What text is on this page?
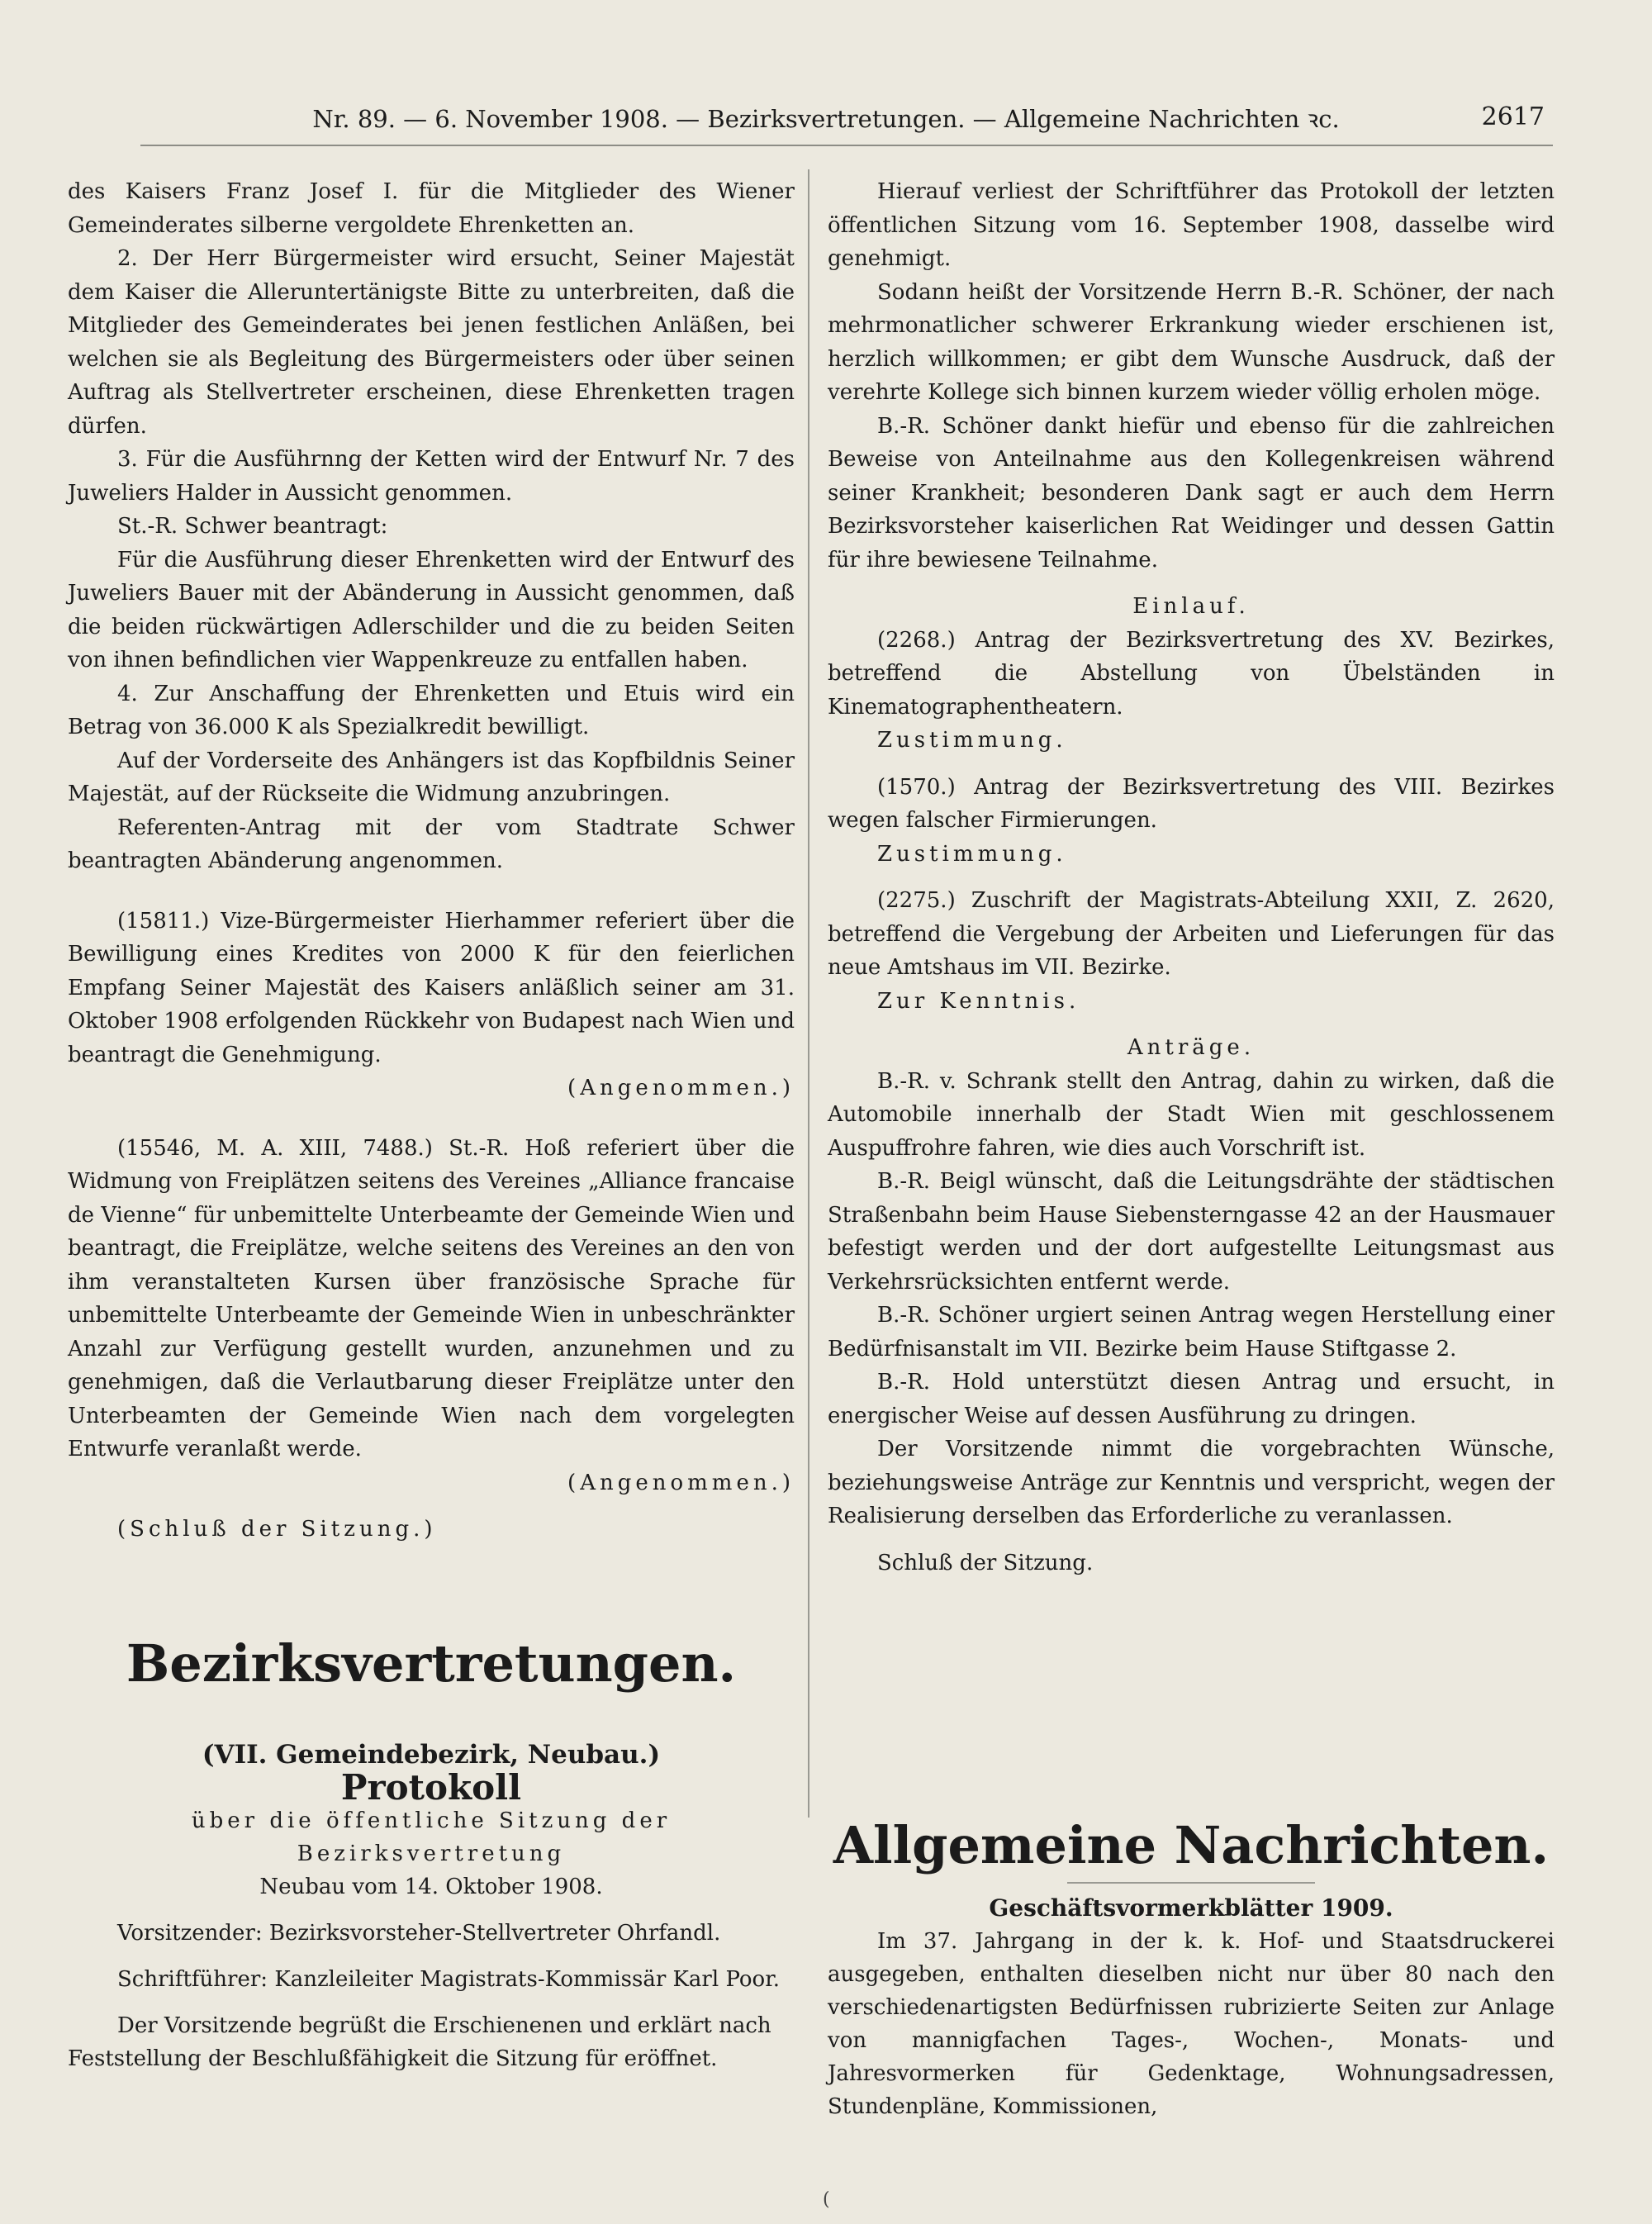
Nr. 89. — 6. November 1908. — Bezirksvertretungen. — Allgemeine Nachrichten ꝛc.	2617

des Kaisers Franz Josef I. für die Mitglieder des Wiener Gemeinderates silberne vergoldete Ehrenketten an.

2. Der Herr Bürgermeister wird ersucht, Seiner Majestät dem Kaiser die Alleruntertänigste Bitte zu unterbreiten, daß die Mitglieder des Gemeinderates bei jenen festlichen Anläßen, bei welchen sie als Begleitung des Bürgermeisters oder über seinen Auftrag als Stellvertreter erscheinen, diese Ehrenketten tragen dürfen.

3. Für die Ausführnng der Ketten wird der Entwurf Nr. 7 des Juweliers Halder in Aussicht genommen.

St.-R. Schwer beantragt:

Für die Ausführung dieser Ehrenketten wird der Entwurf des Juweliers Bauer mit der Abänderung in Aussicht genommen, daß die beiden rückwärtigen Adlerschilder und die zu beiden Seiten von ihnen befindlichen vier Wappenkreuze zu entfallen haben.

4. Zur Anschaffung der Ehrenketten und Etuis wird ein Betrag von 36.000 K als Spezialkredit bewilligt.

Auf der Vorderseite des Anhängers ist das Kopfbildnis Seiner Majestät, auf der Rückseite die Widmung anzubringen.

Referenten-Antrag mit der vom Stadtrate Schwer beantragten Abänderung angenommen.

(15811.) Vize-Bürgermeister Hierhammer referiert über die Bewilligung eines Kredites von 2000 K für den feierlichen Empfang Seiner Majestät des Kaisers anläßlich seiner am 31. Oktober 1908 erfolgenden Rückkehr von Budapest nach Wien und beantragt die Genehmigung.

(Angenommen.)

(15546, M. A. XIII, 7488.) St.-R. Hoß referiert über die Widmung von Freiplätzen seitens des Vereines „Alliance francaise de Vienne“ für unbemittelte Unterbeamte der Gemeinde Wien und beantragt, die Freiplätze, welche seitens des Vereines an den von ihm veranstalteten Kursen über französische Sprache für unbemittelte Unterbeamte der Gemeinde Wien in unbeschränkter Anzahl zur Verfügung gestellt wurden, anzunehmen und zu genehmigen, daß die Verlautbarung dieser Freiplätze unter den Unterbeamten der Gemeinde Wien nach dem vorgelegten Entwurfe veranlaßt werde.

(Angenommen.)

(Schluß der Sitzung.)

Bezirksvertretungen.
(VII. Gemeindebezirk, Neubau.)
Protokoll

über die öffentliche Sitzung der Bezirksvertretung

Neubau vom 14. Oktober 1908.

Vorsitzender: Bezirksvorsteher-Stellvertreter Ohrfandl.

Schriftführer: Kanzleileiter Magistrats-Kommissär Karl Poor.

Der Vorsitzende begrüßt die Erschienenen und erklärt nach Feststellung der Beschlußfähigkeit die Sitzung für eröffnet.

Hierauf verliest der Schriftführer das Protokoll der letzten öffentlichen Sitzung vom 16. September 1908, dasselbe wird genehmigt.

Sodann heißt der Vorsitzende Herrn B.-R. Schöner, der nach mehrmonatlicher schwerer Erkrankung wieder erschienen ist, herzlich willkommen; er gibt dem Wunsche Ausdruck, daß der verehrte Kollege sich binnen kurzem wieder völlig erholen möge.

B.-R. Schöner dankt hiefür und ebenso für die zahlreichen Beweise von Anteilnahme aus den Kollegenkreisen während seiner Krankheit; besonderen Dank sagt er auch dem Herrn Bezirksvorsteher kaiserlichen Rat Weidinger und dessen Gattin für ihre bewiesene Teilnahme.

Einlauf.

(2268.) Antrag der Bezirksvertretung des XV. Bezirkes, betreffend die Abstellung von Übelständen in Kinematographentheatern.

Zustimmung.

(1570.) Antrag der Bezirksvertretung des VIII. Bezirkes wegen falscher Firmierungen.

Zustimmung.

(2275.) Zuschrift der Magistrats-Abteilung XXII, Z. 2620, betreffend die Vergebung der Arbeiten und Lieferungen für das neue Amtshaus im VII. Bezirke.

Zur Kenntnis.

Anträge.

B.-R. v. Schrank stellt den Antrag, dahin zu wirken, daß die Automobile innerhalb der Stadt Wien mit geschlossenem Auspuffrohre fahren, wie dies auch Vorschrift ist.

B.-R. Beigl wünscht, daß die Leitungsdrähte der städtischen Straßenbahn beim Hause Siebensterngasse 42 an der Hausmauer befestigt werden und der dort aufgestellte Leitungsmast aus Verkehrsrücksichten entfernt werde.

B.-R. Schöner urgiert seinen Antrag wegen Herstellung einer Bedürfnisanstalt im VII. Bezirke beim Hause Stiftgasse 2.

B.-R. Hold unterstützt diesen Antrag und ersucht, in energischer Weise auf dessen Ausführung zu dringen.

Der Vorsitzende nimmt die vorgebrachten Wünsche, beziehungsweise Anträge zur Kenntnis und verspricht, wegen der Realisierung derselben das Erforderliche zu veranlassen.

Schluß der Sitzung.

Allgemeine Nachrichten.
Geschäftsvormerkblätter 1909.

Im 37. Jahrgang in der k. k. Hof- und Staatsdruckerei ausgegeben, enthalten dieselben nicht nur über 80 nach den verschiedenartigsten Bedürfnissen rubrizierte Seiten zur Anlage von mannigfachen Tages-, Wochen-, Monats- und Jahresvormerken für Gedenktage, Wohnungsadressen, Stundenpläne, Kommissionen,

(
